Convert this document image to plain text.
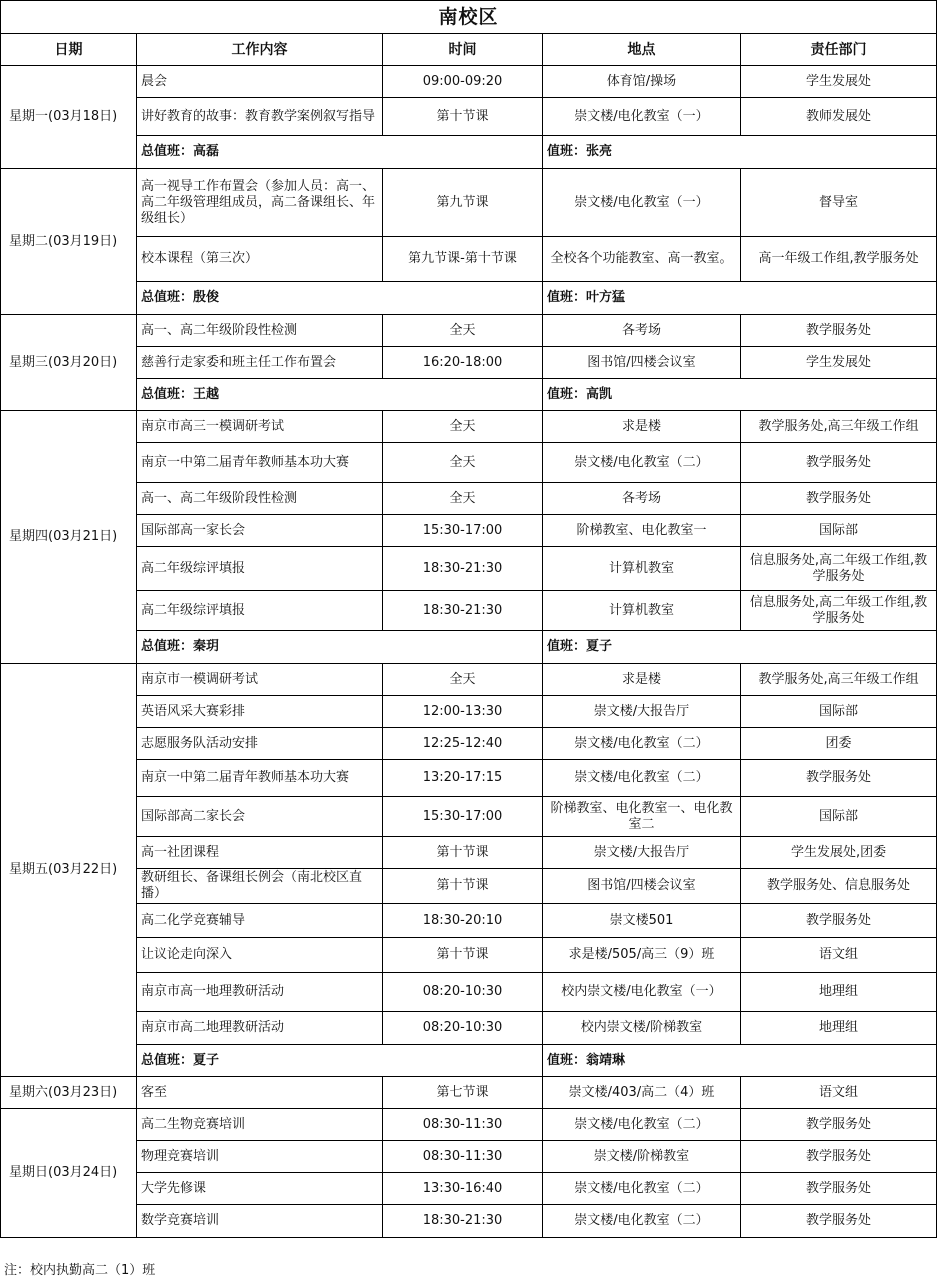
南校区				
日期	工作内容	时间	地点	责任部门
星期一(03月18日)	晨会	09:00-09:20	体育馆/操场	学生发展处
	讲好教育的故事：教育教学案例叙写指导	第十节课	崇文楼/电化教室（一）	教师发展处
	总值班：高磊		值班：张亮	
星期二(03月19日)	高一视导工作布置会（参加人员：高一、高二年级管理组成员，高二备课组长、年级组长）	第九节课	崇文楼/电化教室（一）	督导室
	校本课程（第三次）	第九节课-第十节课	全校各个功能教室、高一教室。	高一年级工作组,教学服务处
	总值班：殷俊		值班：叶方猛	
星期三(03月20日)	高一、高二年级阶段性检测	全天	各考场	教学服务处
	慈善行走家委和班主任工作布置会	16:20-18:00	图书馆/四楼会议室	学生发展处
	总值班：王越		值班：高凯	
星期四(03月21日)	南京市高三一模调研考试	全天	求是楼	教学服务处,高三年级工作组
	南京一中第二届青年教师基本功大赛	全天	崇文楼/电化教室（二）	教学服务处
	高一、高二年级阶段性检测	全天	各考场	教学服务处
	国际部高一家长会	15:30-17:00	阶梯教室、电化教室一	国际部
	高二年级综评填报	18:30-21:30	计算机教室	信息服务处,高二年级工作组,教学服务处
	高二年级综评填报	18:30-21:30	计算机教室	信息服务处,高二年级工作组,教学服务处
	总值班：秦玥		值班：夏子	
星期五(03月22日)	南京市一模调研考试	全天	求是楼	教学服务处,高三年级工作组
	英语风采大赛彩排	12:00-13:30	崇文楼/大报告厅	国际部
	志愿服务队活动安排	12:25-12:40	崇文楼/电化教室（二）	团委
	南京一中第二届青年教师基本功大赛	13:20-17:15	崇文楼/电化教室（二）	教学服务处
	国际部高二家长会	15:30-17:00	阶梯教室、电化教室一、电化教室二	国际部
	高一社团课程	第十节课	崇文楼/大报告厅	学生发展处,团委
	教研组长、备课组长例会（南北校区直播）	第十节课	图书馆/四楼会议室	教学服务处、信息服务处
	高二化学竞赛辅导	18:30-20:10	崇文楼501	教学服务处
	让议论走向深入	第十节课	求是楼/505/高三（9）班	语文组
	南京市高一地理教研活动	08:20-10:30	校内崇文楼/电化教室（一）	地理组
	南京市高二地理教研活动	08:20-10:30	校内崇文楼/阶梯教室	地理组
	总值班：夏子		值班：翁靖琳	
星期六(03月23日)	客至	第七节课	崇文楼/403/高二（4）班	语文组
星期日(03月24日)	高二生物竞赛培训	08:30-11:30	崇文楼/电化教室（二）	教学服务处
	物理竞赛培训	08:30-11:30	崇文楼/阶梯教室	教学服务处
	大学先修课	13:30-16:40	崇文楼/电化教室（二）	教学服务处
	数学竞赛培训	18:30-21:30	崇文楼/电化教室（二）	教学服务处
注：校内执勤高二（1）班
